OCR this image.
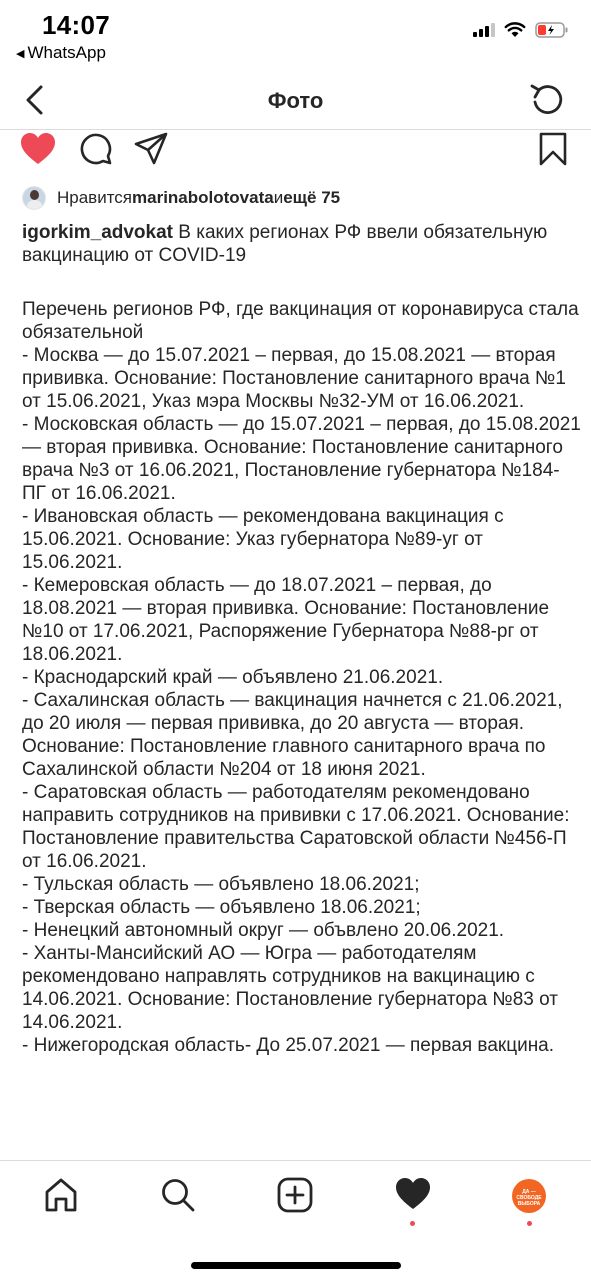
14:07
◀ WhatsApp
Фото
Нравится marinabolotovata и ещё 75
igorkim_advokat В каких регионах РФ ввели обязательную вакцинацию от COVID-19
Перечень регионов РФ, где вакцинация от коронавируса стала обязательной
- Москва — до 15.07.2021 – первая, до 15.08.2021 — вторая прививка. Основание: Постановление санитарного врача №1 от 15.06.2021, Указ мэра Москвы №32-УМ от 16.06.2021.
- Московская область — до 15.07.2021 – первая, до 15.08.2021 — вторая прививка. Основание: Постановление санитарного врача №3 от 16.06.2021, Постановление губернатора №184-ПГ от 16.06.2021.
- Ивановская область — рекомендована вакцинация с 15.06.2021. Основание: Указ губернатора №89-уг от 15.06.2021.
- Кемеровская область — до 18.07.2021 – первая, до 18.08.2021 — вторая прививка. Основание: Постановление №10 от 17.06.2021, Распоряжение Губернатора №88-рг от 18.06.2021.
- Краснодарский край — объявлено 21.06.2021.
- Сахалинская область — вакцинация начнется с 21.06.2021, до 20 июля — первая прививка, до 20 августа — вторая. Основание: Постановление главного санитарного врача по Сахалинской области №204 от 18 июня 2021.
- Саратовская область — работодателям рекомендовано направить сотрудников на прививки с 17.06.2021. Основание: Постановление правительства Саратовской области №456-П от 16.06.2021.
- Тульская область — объявлено 18.06.2021;
- Тверская область — объявлено 18.06.2021;
- Ненецкий автономный округ — объвлено 20.06.2021.
- Ханты-Мансийский АО — Югра — работодателям рекомендовано направлять сотрудников на вакцинацию с 14.06.2021. Основание: Постановление губернатора №83 от 14.06.2021.
- Нижегородская область- До 25.07.2021 — первая вакцина.
ДА — СВОБОДЕ ВЫБОРА
